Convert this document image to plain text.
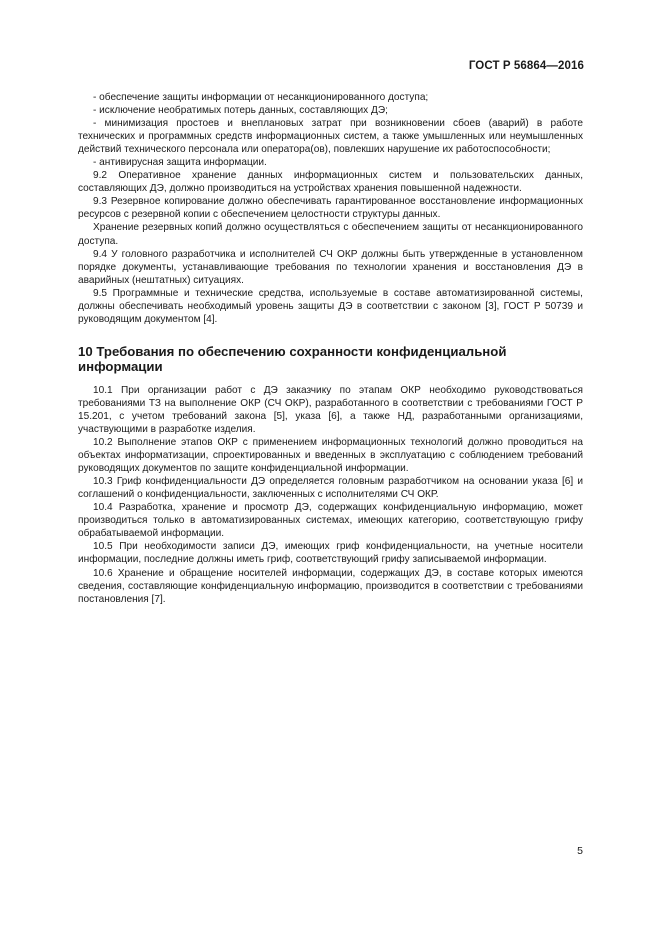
ГОСТ Р 56864—2016

- обеспечение защиты информации от несанкционированного доступа;

- исключение необратимых потерь данных, составляющих ДЭ;

- минимизация простоев и внеплановых затрат при возникновении сбоев (аварий) в работе технических и программных средств информационных систем, а также умышленных или неумышленных действий технического персонала или оператора(ов), повлекших нарушение их работоспособности;

- антивирусная защита информации.

9.2 Оперативное хранение данных информационных систем и пользовательских данных, составляющих ДЭ, должно производиться на устройствах хранения повышенной надежности.

9.3 Резервное копирование должно обеспечивать гарантированное восстановление информационных ресурсов с резервной копии с обеспечением целостности структуры данных.

Хранение резервных копий должно осуществляться с обеспечением защиты от несанкционированного доступа.

9.4 У головного разработчика и исполнителей СЧ ОКР должны быть утвержденные в установленном порядке документы, устанавливающие требования по технологии хранения и восстановления ДЭ в аварийных (нештатных) ситуациях.

9.5 Программные и технические средства, используемые в составе автоматизированной системы, должны обеспечивать необходимый уровень защиты ДЭ в соответствии с законом [3], ГОСТ Р 50739 и руководящим документом [4].

10 Требования по обеспечению сохранности конфиденциальной информации

10.1 При организации работ с ДЭ заказчику по этапам ОКР необходимо руководствоваться требованиями ТЗ на выполнение ОКР (СЧ ОКР), разработанного в соответствии с требованиями ГОСТ Р 15.201, с учетом требований закона [5], указа [6], а также НД, разработанными организациями, участвующими в разработке изделия.

10.2 Выполнение этапов ОКР с применением информационных технологий должно проводиться на объектах информатизации, спроектированных и введенных в эксплуатацию с соблюдением требований руководящих документов по защите конфиденциальной информации.

10.3 Гриф конфиденциальности ДЭ определяется головным разработчиком на основании указа [6] и соглашений о конфиденциальности, заключенных с исполнителями СЧ ОКР.

10.4 Разработка, хранение и просмотр ДЭ, содержащих конфиденциальную информацию, может производиться только в автоматизированных системах, имеющих категорию, соответствующую грифу обрабатываемой информации.

10.5 При необходимости записи ДЭ, имеющих гриф конфиденциальности, на учетные носители информации, последние должны иметь гриф, соответствующий грифу записываемой информации.

10.6 Хранение и обращение носителей информации, содержащих ДЭ, в составе которых имеются сведения, составляющие конфиденциальную информацию, производится в соответствии с требованиями постановления [7].

5
